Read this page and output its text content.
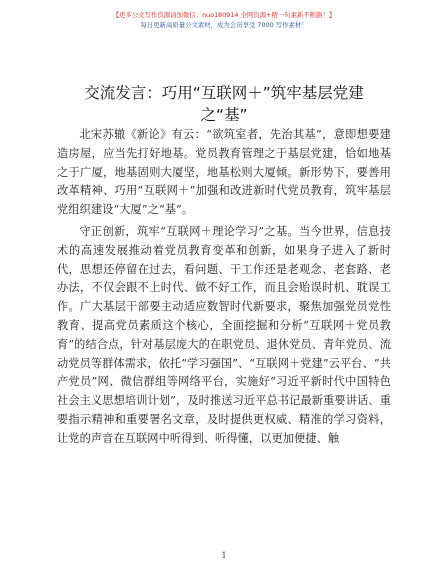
【更多公文写作资源请加微信：nuo180914 全网资源+精一句素新不断路！】
每日更新高质量公文素材，成为会员享受 7000 写作素材！
交流发言：巧用“互联网＋”筑牢基层党建
之“基”

北宋苏辙《新论》有云：“欲筑室者，先治其基”，意即想要建造房屋，应当先打好地基。党员教育管理之于基层党建，恰如地基之于广厦，地基固则大厦坚，地基松则大厦倾。新形势下，要善用改革精神、巧用“互联网＋”加强和改进新时代党员教育，筑牢基层党组织建设“大厦”之“基”。

守正创新，筑牢“互联网＋理论学习”之基。当今世界，信息技术的高速发展推动着党员教育变革和创新，如果身子进入了新时代，思想还停留在过去，看问题、干工作还是老观念、老套路、老办法，不仅会跟不上时代、做不好工作，而且会贻误时机、耽误工作。广大基层干部要主动适应数智时代新要求，聚焦加强党员党性教育、提高党员素质这个核心，全面挖掘和分析“互联网＋党员教育”的结合点，针对基层庞大的在职党员、退休党员、青年党员、流动党员等群体需求，依托“学习强国”、“互联网＋党建”云平台、“共产党员”网、微信群组等网络平台，实施好“习近平新时代中国特色社会主义思想培训计划”，及时推送习近平总书记最新重要讲话、重要指示精神和重要署名文章，及时提供更权威、精准的学习资料，让党的声音在互联网中听得到、听得懂，以更加便捷、触

1
